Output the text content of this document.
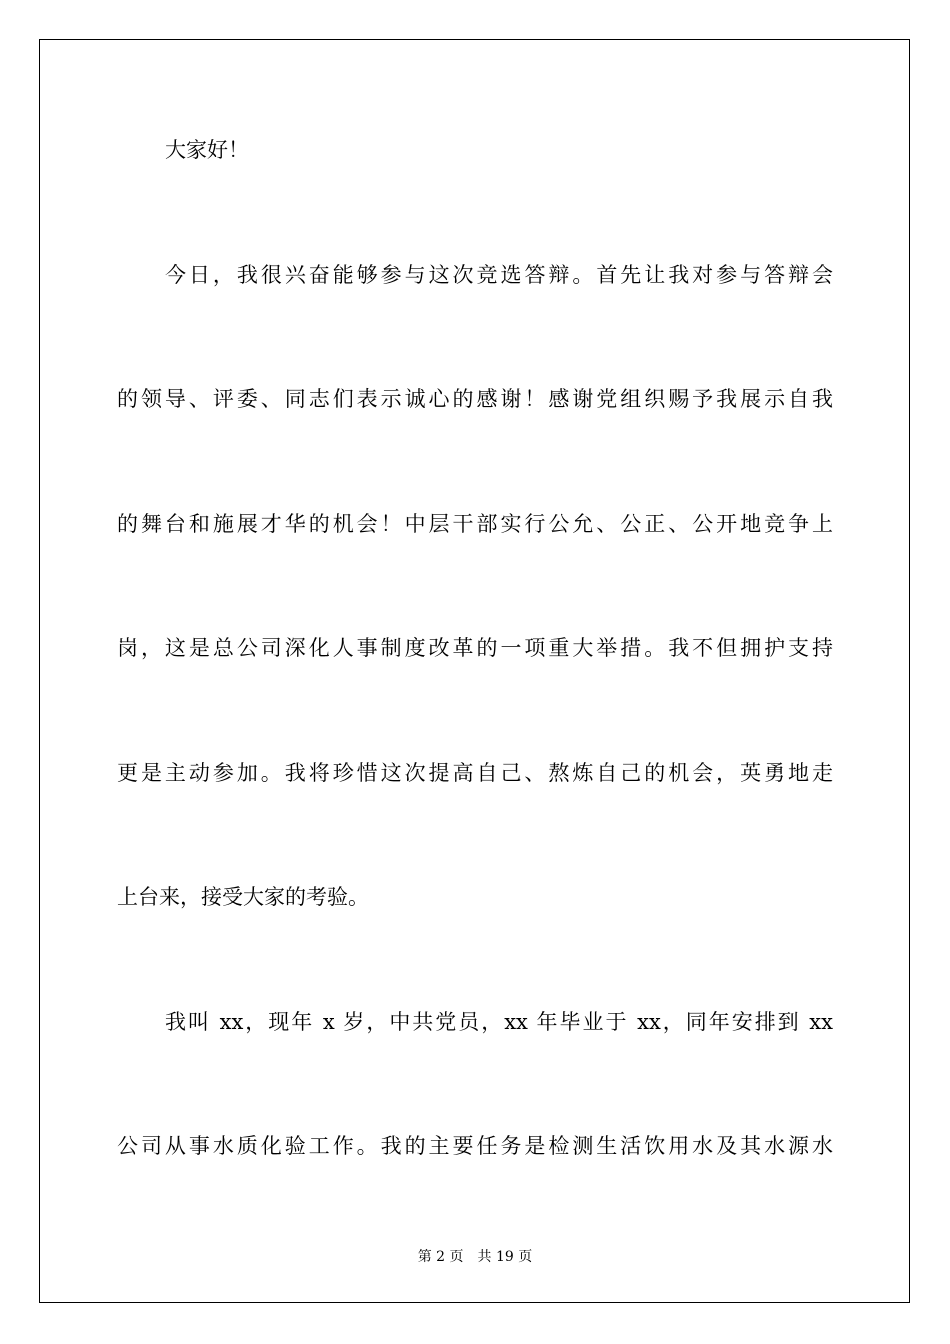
大家好！

今日，我很兴奋能够参与这次竞选答辩。首先让我对参与答辩会

的领导、评委、同志们表示诚心的感谢！感谢党组织赐予我展示自我

的舞台和施展才华的机会！中层干部实行公允、公正、公开地竞争上

岗，这是总公司深化人事制度改革的一项重大举措。我不但拥护支持

更是主动参加。我将珍惜这次提高自己、熬炼自己的机会，英勇地走

上台来，接受大家的考验。

我叫 xx，现年 x 岁，中共党员，xx 年毕业于 xx，同年安排到 xx

公司从事水质化验工作。我的主要任务是检测生活饮用水及其水源水

第 2 页 共 19 页
